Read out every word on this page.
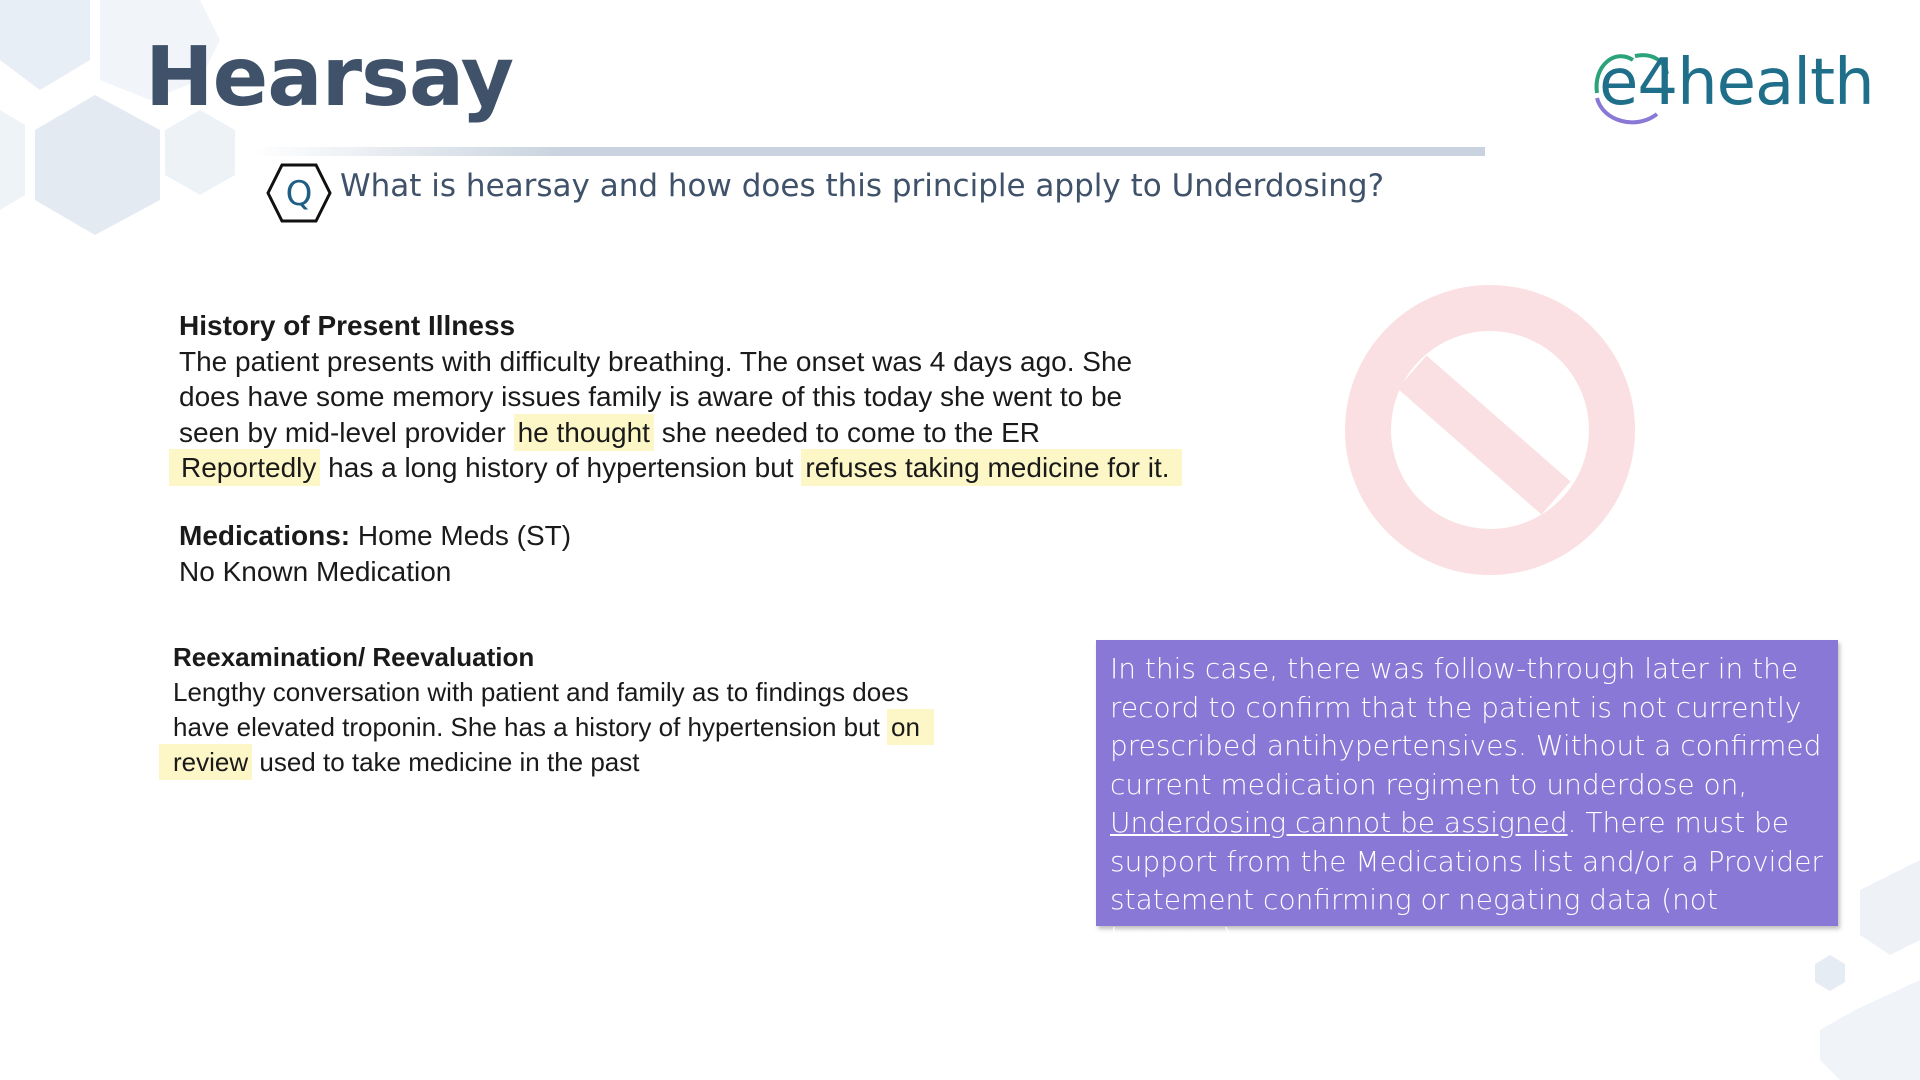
Hearsay	e4health
Q What is hearsay and how does this principle apply to Underdosing?
History of Present Illness
The patient presents with difficulty breathing. The onset was 4 days ago. She
does have some memory issues family is aware of this today she went to be
seen by mid-level provider he thought she needed to come to the ER
Reportedly has a long history of hypertension but refuses taking medicine for it.
Medications: Home Meds (ST)
No Known Medication
Reexamination/ Reevaluation
Lengthy conversation with patient and family as to findings does
have elevated troponin. She has a history of hypertension but on
review used to take medicine in the past
In this case, there was follow-through later in the record to confirm that the patient is not currently prescribed antihypertensives. Without a confirmed current medication regimen to underdose on, Underdosing cannot be assigned. There must be support from the Medications list and/or a Provider statement confirming or negating data (not hearsay).
